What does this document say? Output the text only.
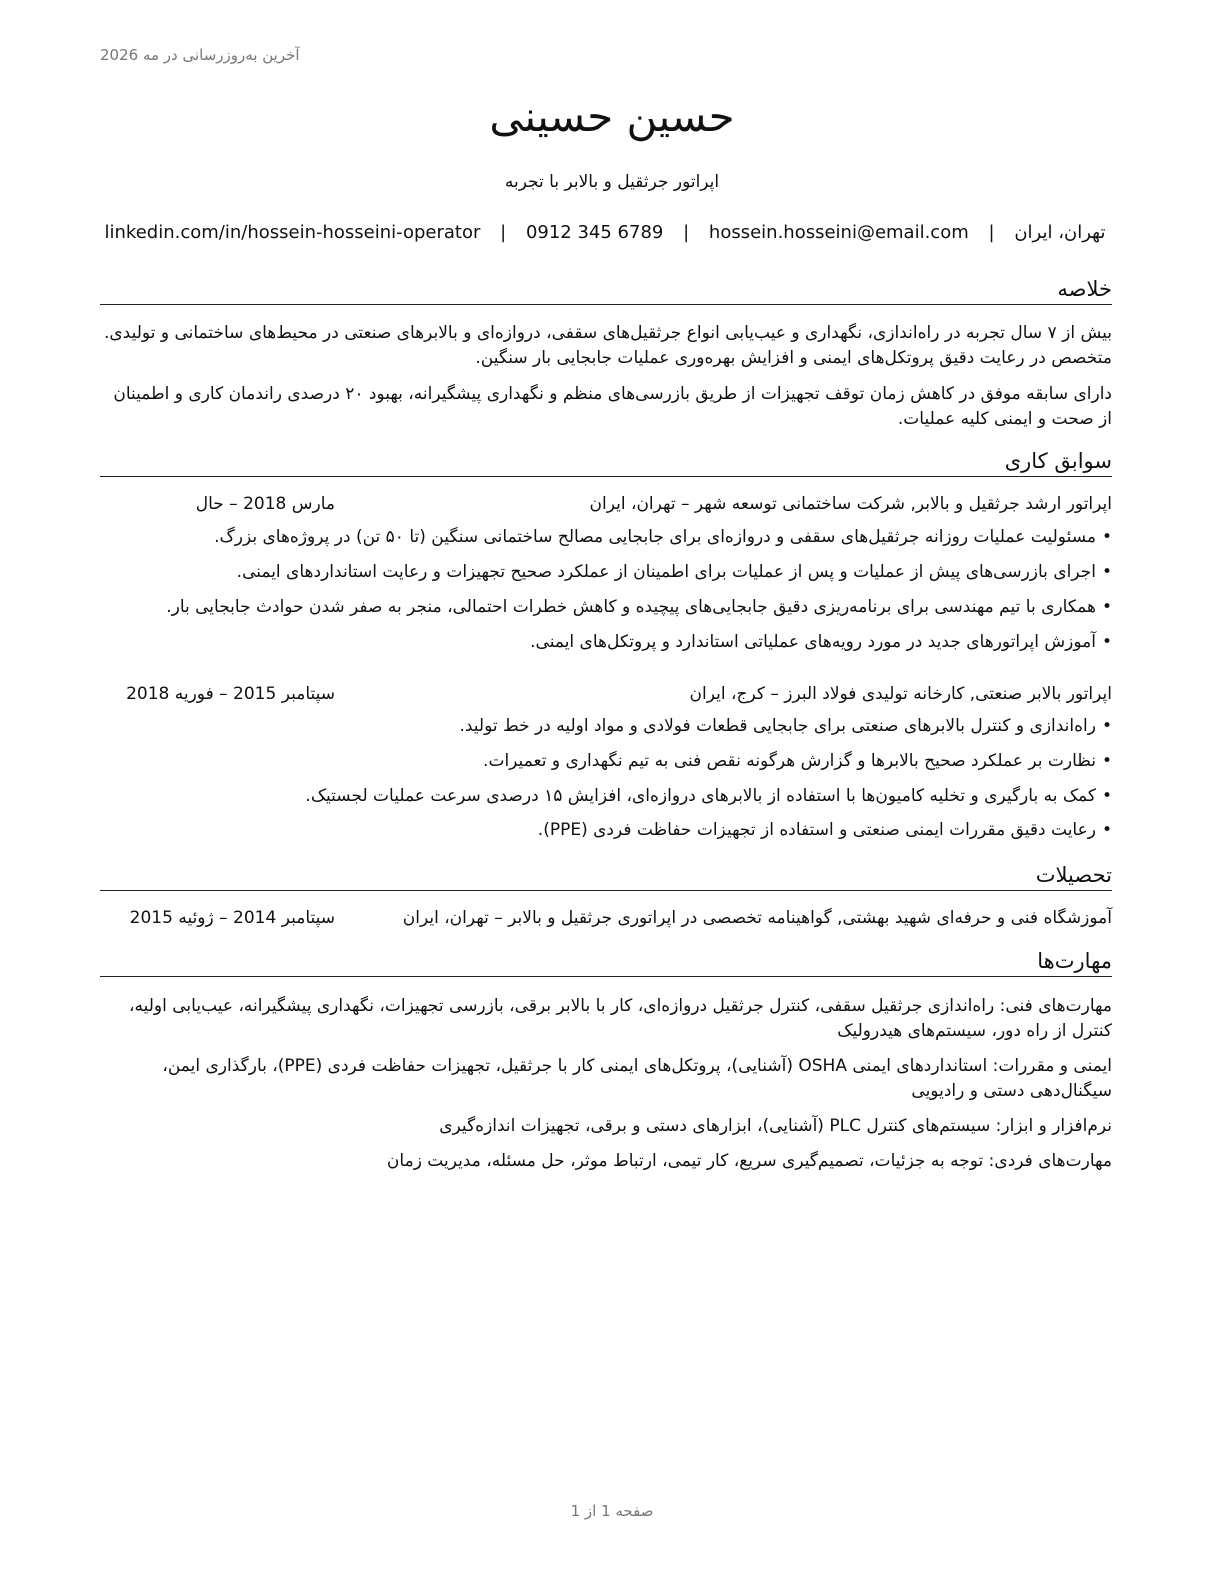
آخرین به‌روزرسانی در مه 2026
حسین حسینی
اپراتور جرثقیل و بالابر با تجربه
تهران، ایران | hossein.hosseini@email.com | 0912 345 6789 | linkedin.com/in/hossein-hosseini-operator
خلاصه
بیش از ۷ سال تجربه در راه‌اندازی، نگهداری و عیب‌یابی انواع جرثقیل‌های سقفی، دروازه‌ای و بالابرهای صنعتی در محیط‌های ساختمانی و تولیدی. متخصص در رعایت دقیق پروتکل‌های ایمنی و افزایش بهره‌وری عملیات جابجایی بار سنگین.
دارای سابقه موفق در کاهش زمان توقف تجهیزات از طریق بازرسی‌های منظم و نگهداری پیشگیرانه، بهبود ۲۰ درصدی راندمان کاری و اطمینان از صحت و ایمنی کلیه عملیات.
سوابق کاری
اپراتور ارشد جرثقیل و بالابر, شرکت ساختمانی توسعه شهر – تهران، ایران
مارس 2018 – حال
•مسئولیت عملیات روزانه جرثقیل‌های سقفی و دروازه‌ای برای جابجایی مصالح ساختمانی سنگین (تا ۵۰ تن) در پروژه‌های بزرگ.
•اجرای بازرسی‌های پیش از عملیات و پس از عملیات برای اطمینان از عملکرد صحیح تجهیزات و رعایت استانداردهای ایمنی.
•همکاری با تیم مهندسی برای برنامه‌ریزی دقیق جابجایی‌های پیچیده و کاهش خطرات احتمالی، منجر به صفر شدن حوادث جابجایی بار.
•آموزش اپراتورهای جدید در مورد رویه‌های عملیاتی استاندارد و پروتکل‌های ایمنی.
اپراتور بالابر صنعتی, کارخانه تولیدی فولاد البرز – کرج، ایران
سپتامبر 2015 – فوریه 2018
•راه‌اندازی و کنترل بالابرهای صنعتی برای جابجایی قطعات فولادی و مواد اولیه در خط تولید.
•نظارت بر عملکرد صحیح بالابرها و گزارش هرگونه نقص فنی به تیم نگهداری و تعمیرات.
•کمک به بارگیری و تخلیه کامیون‌ها با استفاده از بالابرهای دروازه‌ای، افزایش ۱۵ درصدی سرعت عملیات لجستیک.
•رعایت دقیق مقررات ایمنی صنعتی و استفاده از تجهیزات حفاظت فردی (PPE).
تحصیلات
آموزشگاه فنی و حرفه‌ای شهید بهشتی, گواهینامه تخصصی در اپراتوری جرثقیل و بالابر – تهران، ایران
سپتامبر 2014 – ژوئیه 2015
مهارت‌ها
مهارت‌های فنی: راه‌اندازی جرثقیل سقفی، کنترل جرثقیل دروازه‌ای، کار با بالابر برقی، بازرسی تجهیزات، نگهداری پیشگیرانه، عیب‌یابی اولیه، کنترل از راه دور، سیستم‌های هیدرولیک
ایمنی و مقررات: استانداردهای ایمنی OSHA (آشنایی)، پروتکل‌های ایمنی کار با جرثقیل، تجهیزات حفاظت فردی (PPE)، بارگذاری ایمن، سیگنال‌دهی دستی و رادیویی
نرم‌افزار و ابزار: سیستم‌های کنترل PLC (آشنایی)، ابزارهای دستی و برقی، تجهیزات اندازه‌گیری
مهارت‌های فردی: توجه به جزئیات، تصمیم‌گیری سریع، کار تیمی، ارتباط موثر، حل مسئله، مدیریت زمان
صفحه 1 از 1
